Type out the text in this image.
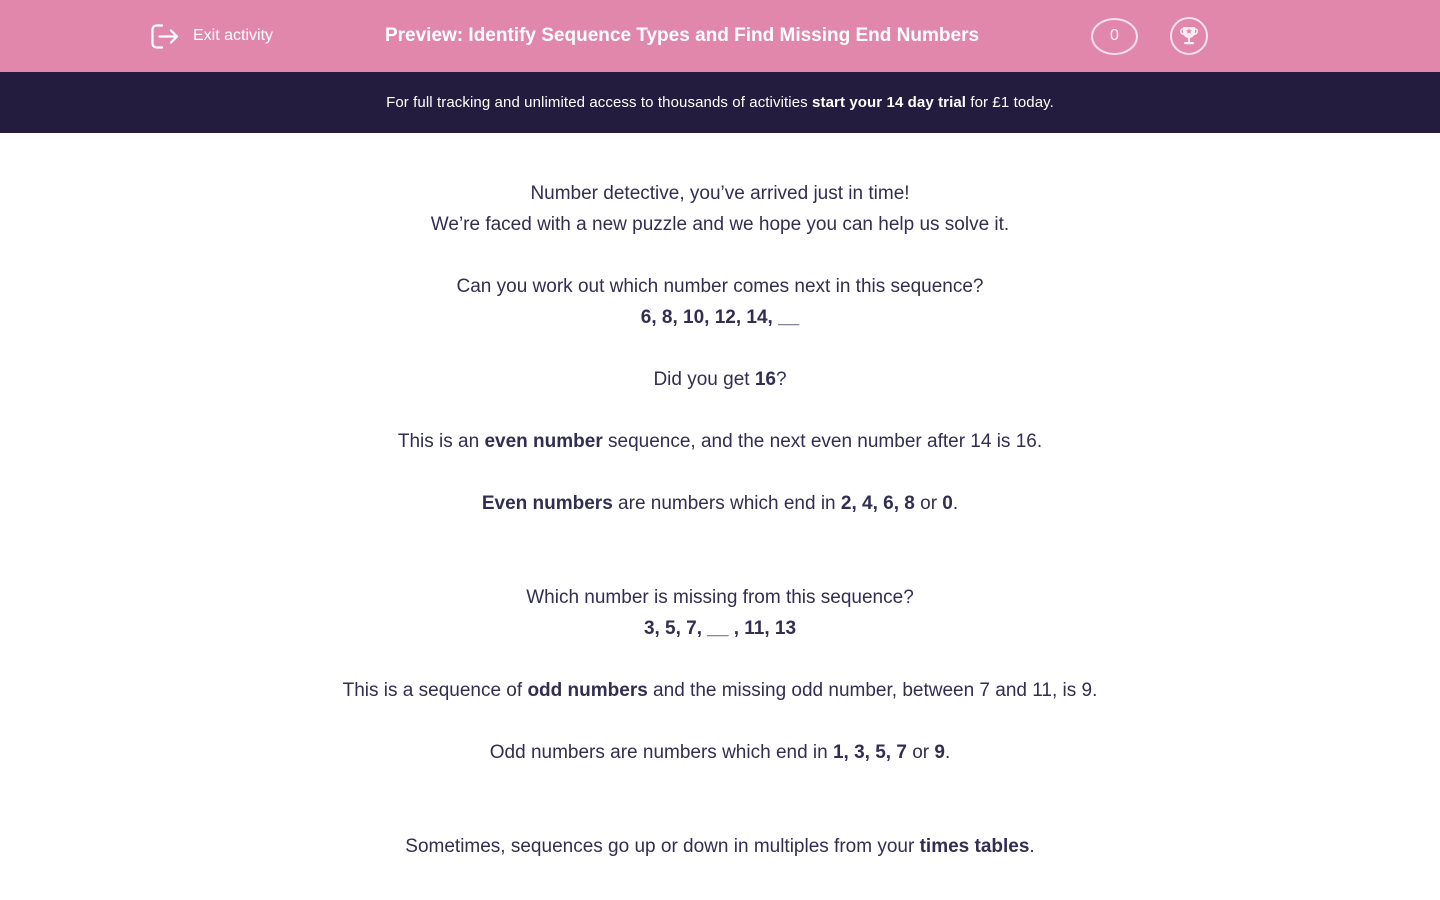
Exit activity	Preview: Identify Sequence Types and Find Missing End Numbers	0
For full tracking and unlimited access to thousands of activities start your 14 day trial for £1 today.

Number detective, you’ve arrived just in time!
We’re faced with a new puzzle and we hope you can help us solve it.

Can you work out which number comes next in this sequence?
6, 8, 10, 12, 14, __

Did you get 16?

This is an even number sequence, and the next even number after 14 is 16.

Even numbers are numbers which end in 2, 4, 6, 8 or 0.

Which number is missing from this sequence?
3, 5, 7, __ , 11, 13

This is a sequence of odd numbers and the missing odd number, between 7 and 11, is 9.

Odd numbers are numbers which end in 1, 3, 5, 7 or 9.

Sometimes, sequences go up or down in multiples from your times tables.
